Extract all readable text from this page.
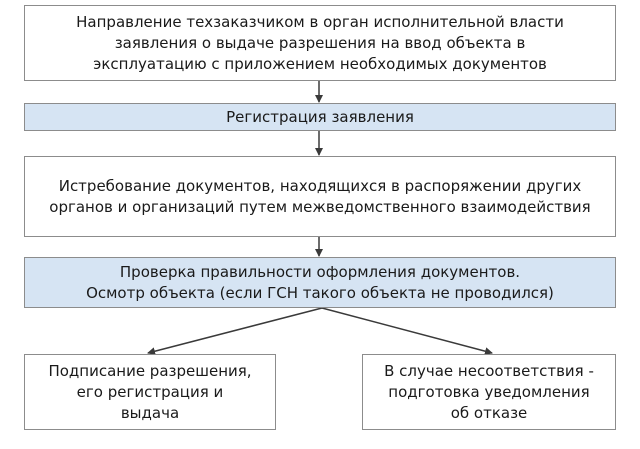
Направление техзаказчиком в орган исполнительной власти
заявления о выдаче разрешения на ввод объекта в
эксплуатацию с приложением необходимых документов
Регистрация заявления
Истребование документов, находящихся в распоряжении других
органов и организаций путем межведомственного взаимодействия
Проверка правильности оформления документов.
Осмотр объекта (если ГСН такого объекта не проводился)
Подписание разрешения,
его регистрация и
выдача
В случае несоответствия -
подготовка уведомления
об отказе
